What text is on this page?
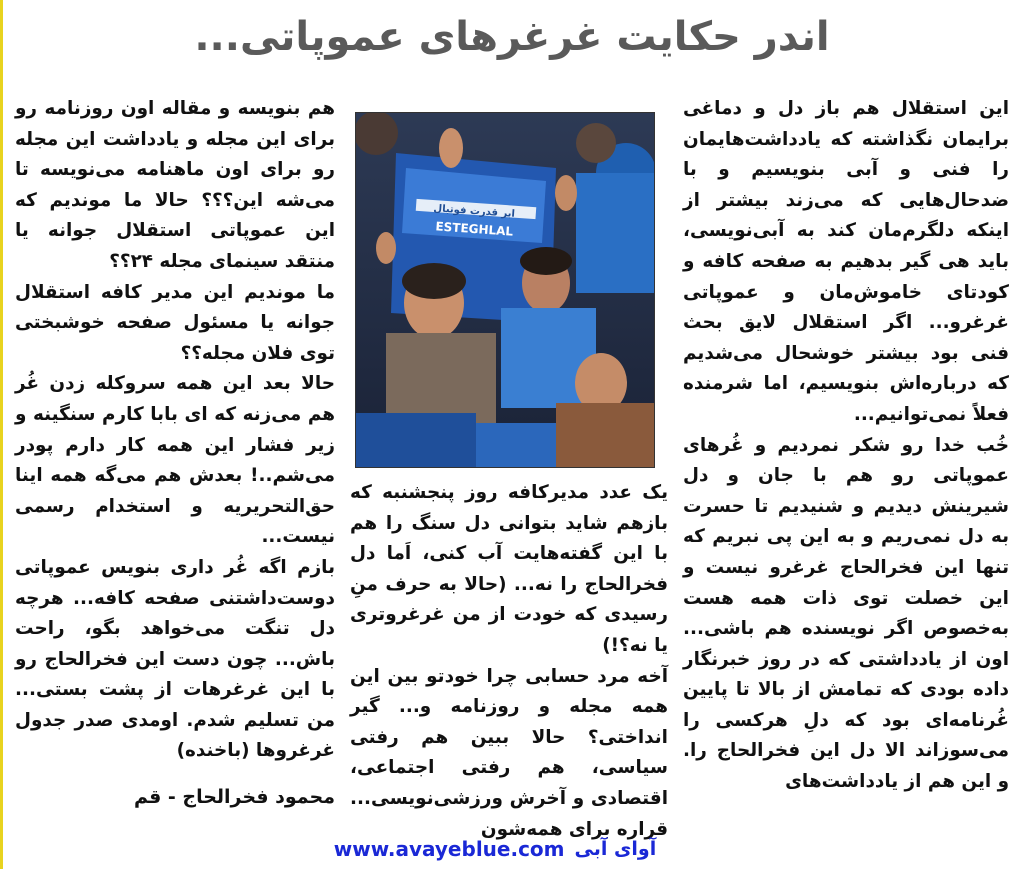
اندر حکایت غرغرهای عموپاتی...

این استقلال هم باز دل و دماغی برایمان نگذاشته که یادداشت‌هایمان را فنی و آبی بنویسیم و با ضدحال‌هایی که می‌زند بیشتر از اینکه دلگرم‌مان کند به آبی‌نویسی، باید هی گیر بدهیم به صفحه کافه و کودتای خاموش‌مان و عموپاتی غرغرو... اگر استقلال لایق بحث فنی بود بیشتر خوشحال می‌شدیم که درباره‌اش بنویسیم، اما شرمنده فعلاً نمی‌توانیم...

خُب خدا رو شکر نمردیم و غُرهای عموپاتی رو هم با جان و دل شیرینش دیدیم و شنیدیم تا حسرت به دل نمی‌ریم و به این پی نبریم که تنها این فخرالحاج غرغرو نیست و این خصلت توی ذات همه هست به‌خصوص اگر نویسنده هم باشی... اون از یادداشتی که در روز خبرنگار داده بودی که تمامش از بالا تا پایین غُرنامه‌ای بود که دلِ هرکسی را می‌سوزاند الا دل این فخرالحاج را. و این هم از یادداشت‌های

ESTEGHLAL
ابر قدرت فوتبال

یک عدد مدیرکافه روز پنجشنبه که بازهم شاید بتوانی دل سنگ را هم با این گفته‌هایت آب کنی، اَما دل فخرالحاج را نه... (حالا به حرف منِ رسیدی که خودت از من غرغروتری یا نه؟!)

آخه مرد حسابی چرا خودتو بین این همه مجله و روزنامه و... گیر انداختی؟ حالا ببین هم رفتی سیاسی، هم رفتی اجتماعی، اقتصادی و آخرش ورزشی‌نویسی... قراره برای همه‌شون

هم بنویسه و مقاله اون روزنامه رو برای این مجله و یادداشت این مجله رو برای اون ماهنامه می‌نویسه تا می‌شه این؟؟؟ حالا ما موندیم که این عموپاتی استقلال جوانه یا منتقد سینمای مجله ۲۴؟؟

ما موندیم این مدیر کافه استقلال جوانه یا مسئول صفحه خوشبختی توی فلان مجله؟؟

حالا بعد این همه سروکله زدن غُر هم می‌زنه که ای بابا کارم سنگینه و زیر فشار این همه کار دارم پودر می‌شم..! بعدش هم می‌گه همه اینا حق‌التحریریه و استخدام رسمی نیست...

بازم اگه غُر داری بنویس عموپاتی دوست‌داشتنی صفحه کافه... هرچه دل تنگت می‌خواهد بگو، راحت باش... چون دست این فخرالحاج رو با این غرغرهات از پشت بستی... من تسلیم شدم. اومدی صدر جدول غرغروها (باخنده)

محمود فخرالحاج - قم
www.avayeblue.com آوای آبی
